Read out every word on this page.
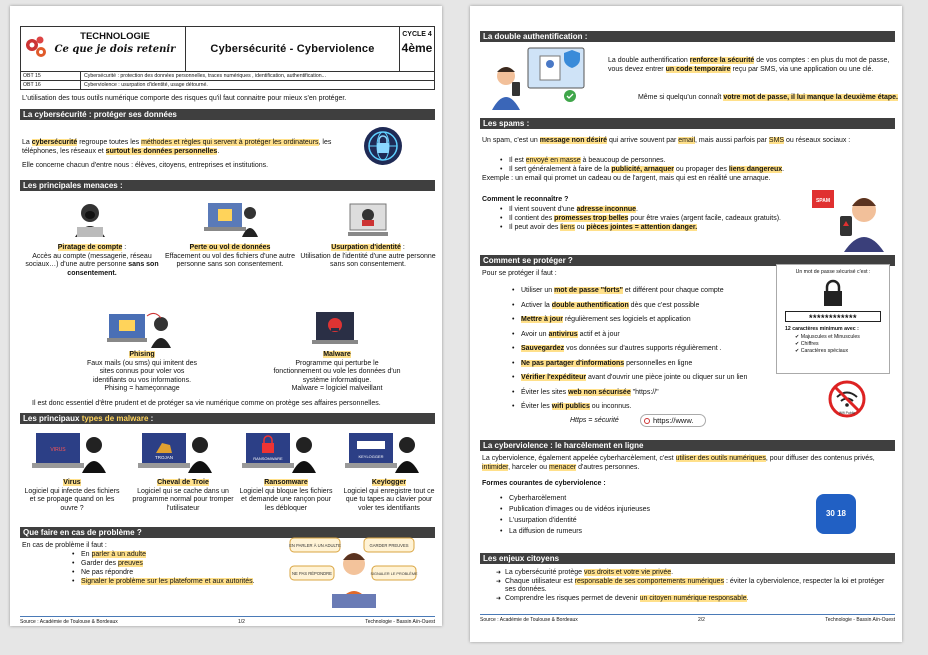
TECHNOLOGIE
Ce que je dois retenir	Cybersécurité - Cyberviolence
CYCLE 4
4ème
OBT 15	Cybersécurité : protection des données personnelles, traces numériques , identification, authentification...
OBT 16	Cyberviolence : usurpation d'identité, usage détourné.
L'utilisation des tous outils numérique comporte des risques qu'il faut connaitre pour mieux s'en protéger.
La cybersécurité : protéger ses données
La cybersécurité regroupe toutes les méthodes et règles qui servent à protéger les ordinateurs, les téléphones, les réseaux et surtout les données personnelles.
Elle concerne chacun d'entre nous : élèves, citoyens, entreprises et institutions.
Les principales menaces :
Piratage de compte :
Accès au compte (messagerie, réseau sociaux…) d'une autre personne sans son consentement.
Perte ou vol de données
Effacement ou vol des fichiers d'une autre personne sans son consentement.
Usurpation d'identité :
Utilisation de l'identité d'une autre personne sans son consentement.
Phising
Faux mails (ou sms) qui imitent des sites connus pour voler vos identifiants ou vos informations.
Phising = hameçonnage
Malware
Programme qui perturbe le fonctionnement ou vole les données d'un système informatique.
Malware = logiciel malveillant
Il est donc essentiel d'être prudent et de protéger sa vie numérique comme on protège ses affaires personnelles.
Les principaux types de malware :
VIRUS
Virus
Logiciel qui infecte des fichiers et se propage quand on les ouvre ?
TROJAN
Cheval de Troie
Logiciel qui se cache dans un programme normal pour tromper l'utilisateur
RANSOMWARE
Ransomware
Logiciel qui bloque les fichiers et demande une rançon pour les débloquer
KEYLOGGER
Keylogger
Logiciel qui enregistre tout ce que tu tapes au clavier pour voler tes identifiants
Que faire en cas de problème ?
En cas de problème il faut :
• En parler à un adulte
• Garder des preuves
• Ne pas répondre
• Signaler le problème sur les plateforme et aux autorités.
EN PARLER À UN ADULTE	GARDER PREUVES
NE PAS RÉPONDRE	SIGNALER LE PROBLÈME
Source : Académie de Toulouse & Bordeaux	1/2	Technologie - Bassin Aïn-Ouest
La double authentification :
La double authentification renforce la sécurité de vos comptes : en plus du mot de passe, vous devez entrer un code temporaire reçu par SMS, via une application ou une clé.
Même si quelqu'un connaît votre mot de passe, il lui manque la deuxième étape.
Les spams :
Un spam, c'est un message non désiré qui arrive souvent par email, mais aussi parfois par SMS ou réseaux sociaux :
• Il est envoyé en masse à beaucoup de personnes.
• Il sert généralement à faire de la publicité, arnaquer ou propager des liens dangereux.
Exemple : un email qui promet un cadeau ou de l'argent, mais qui est en réalité une arnaque.
Comment le reconnaître ?
• Il vient souvent d'une adresse inconnue.
• Il contient des promesses trop belles pour être vraies (argent facile, cadeaux gratuits).
• Il peut avoir des liens ou pièces jointes = attention danger.
SPAM
Comment se protéger ?
Pour se protéger il faut :
• Utiliser un mot de passe "forts" et différent pour chaque compte
• Activer la double authentification dès que c'est possible
• Mettre à jour régulièrement ses logiciels et application
• Avoir un antivirus actif et à jour
• Sauvegardez vos données sur d'autres supports régulièrement .
• Ne pas partager d'informations personnelles en ligne
• Vérifier l'expéditeur avant d'ouvrir une pièce jointe ou cliquer sur un lien
• Éviter les sites web non sécurisée "https://"
• Éviter les wifi publics ou inconnus.
Https = sécurité	https://www.
Un mot de passe sécurisé c'est :
************
12 caractères minimum avec :
✔ Majuscules et Minuscules
✔ Chiffres
✔ Caractères spéciaux
Wifi Public
La cyberviolence : le harcèlement en ligne
La cyberviolence, également appelée cyberharcèlement, c'est utiliser des outils numériques, pour diffuser des contenus privés, intimider, harceler ou menacer d'autres personnes.
Formes courantes de cyberviolence :
• Cyberharcèlement
• Publication d'images ou de vidéos injurieuses
• L'usurpation d'identité
• La diffusion de rumeurs
30 18
Les enjeux citoyens
➜ La cybersécurité protège vos droits et votre vie privée.
➜ Chaque utilisateur est responsable de ses comportements numériques : éviter la cyberviolence, respecter la loi et protéger ses données.
➜ Comprendre les risques permet de devenir un citoyen numérique responsable.
Source : Académie de Toulouse & Bordeaux	2/2	Technologie - Bassin Aïn-Ouest
